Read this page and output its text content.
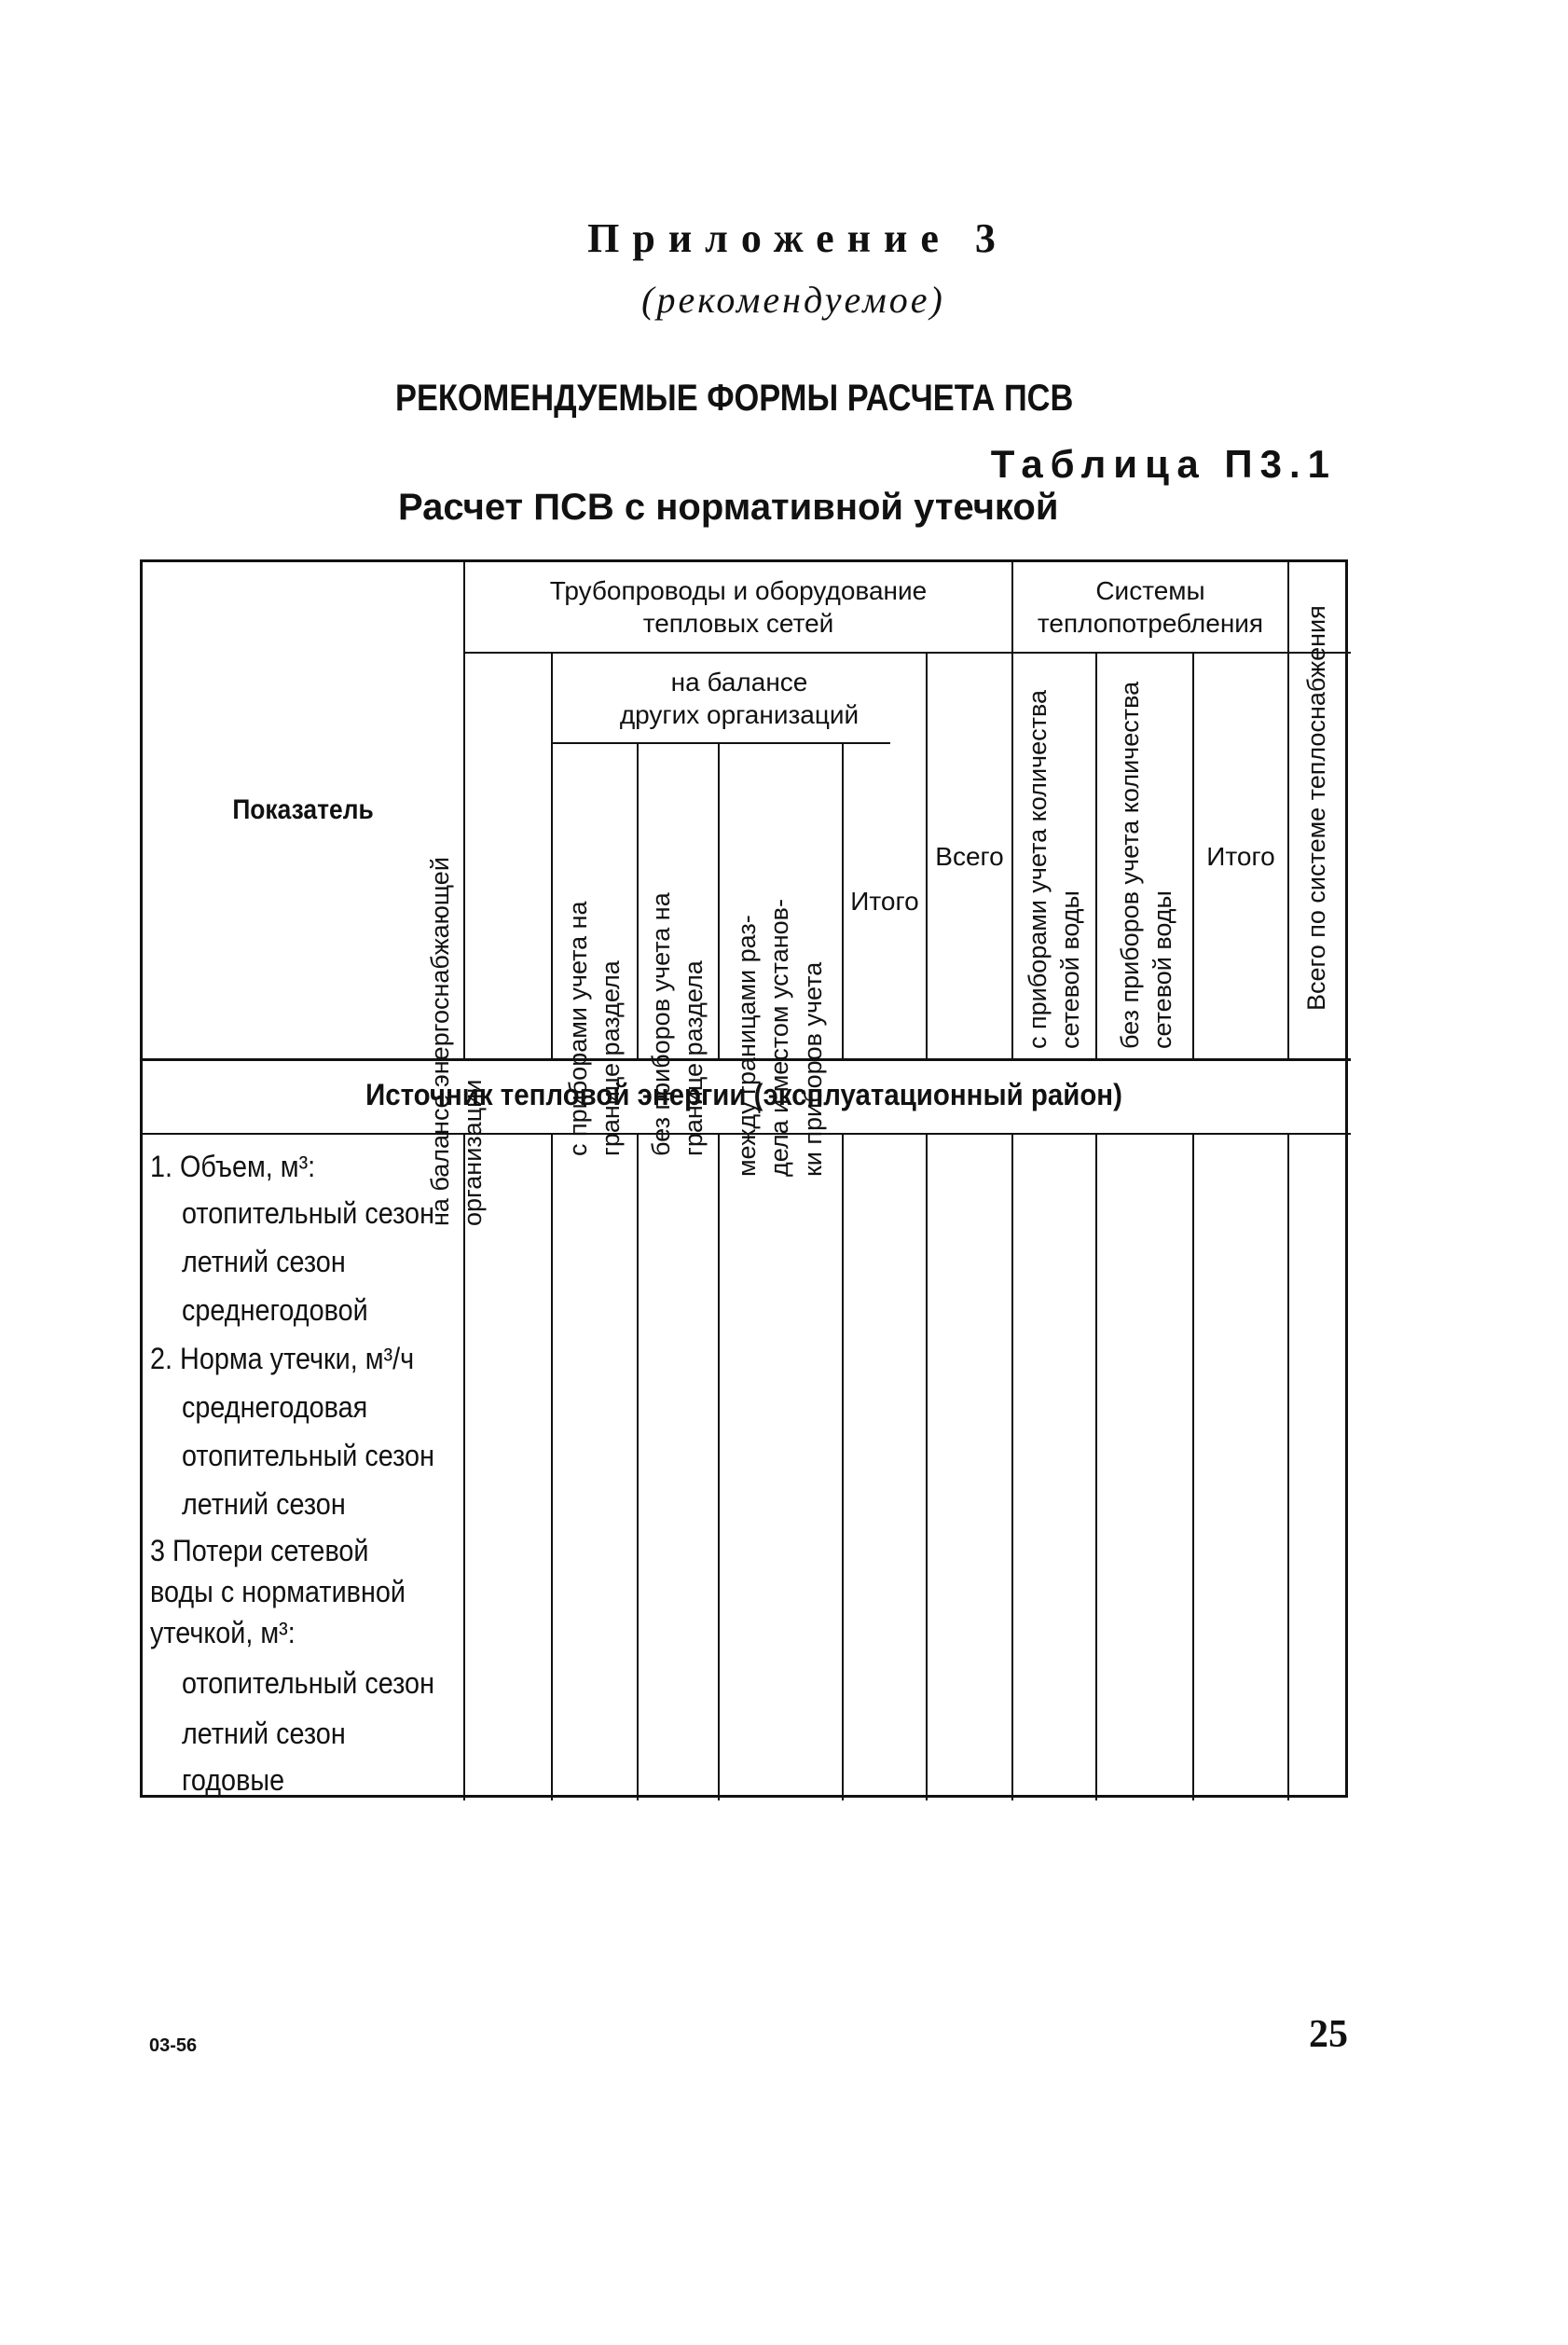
Приложение 3
(рекомендуемое)
РЕКОМЕНДУЕМЫЕ ФОРМЫ РАСЧЕТА ПСВ
Таблица П3.1
Расчет ПСВ с нормативной утечкой
Показатель
Трубопроводы и оборудование
тепловых сетей
Системы
теплопотребления
на балансе
других организаций
на балансе энергоснабжающей организации	с приборами учета на границе раздела без приборов учета на границе раздела между границами раз- дела и местом установ- ки приборов учета
Итого
Всего с приборами учета количества сетевой воды без приборов учета количества сетевой воды
Итого Всего по системе теплоснабжения
Источник тепловой энергии (эксплуатационный район)
1. Объем, м³:
отопительный сезон
летний сезон
среднегодовой
2. Норма утечки, м³/ч
среднегодовая
отопительный сезон
летний сезон
3 Потери сетевой
воды с нормативной
утечкой, м³:
отопительный сезон
летний сезон
годовые
03-56	25
